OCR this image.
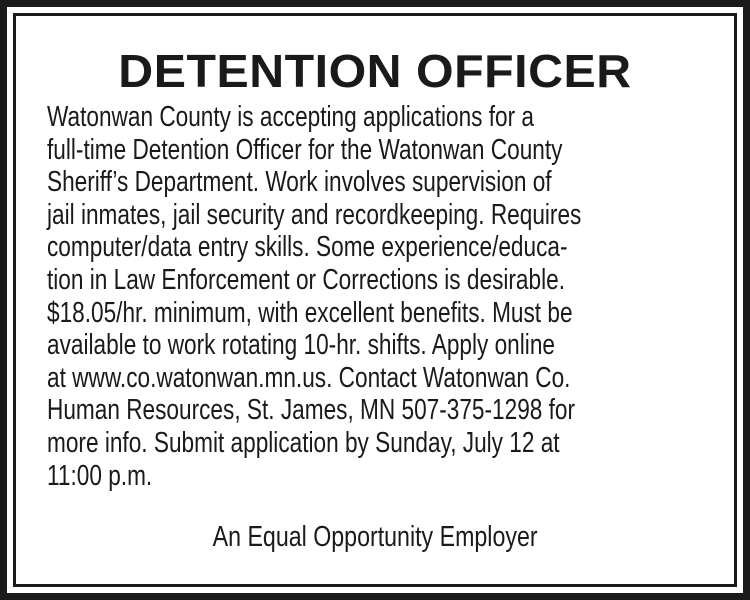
DETENTION OFFICER
Watonwan County is accepting applications for a
full-time Detention Officer for the Watonwan County
Sheriff’s Department. Work involves supervision of
jail inmates, jail security and recordkeeping. Requires
computer/data entry skills. Some experience/educa-
tion in Law Enforcement or Corrections is desirable.
$18.05/hr. minimum, with excellent benefits. Must be
available to work rotating 10-hr. shifts. Apply online
at www.co.watonwan.mn.us. Contact Watonwan Co.
Human Resources, St. James, MN 507-375-1298 for
more info. Submit application by Sunday, July 12 at
11:00 p.m.
An Equal Opportunity Employer
